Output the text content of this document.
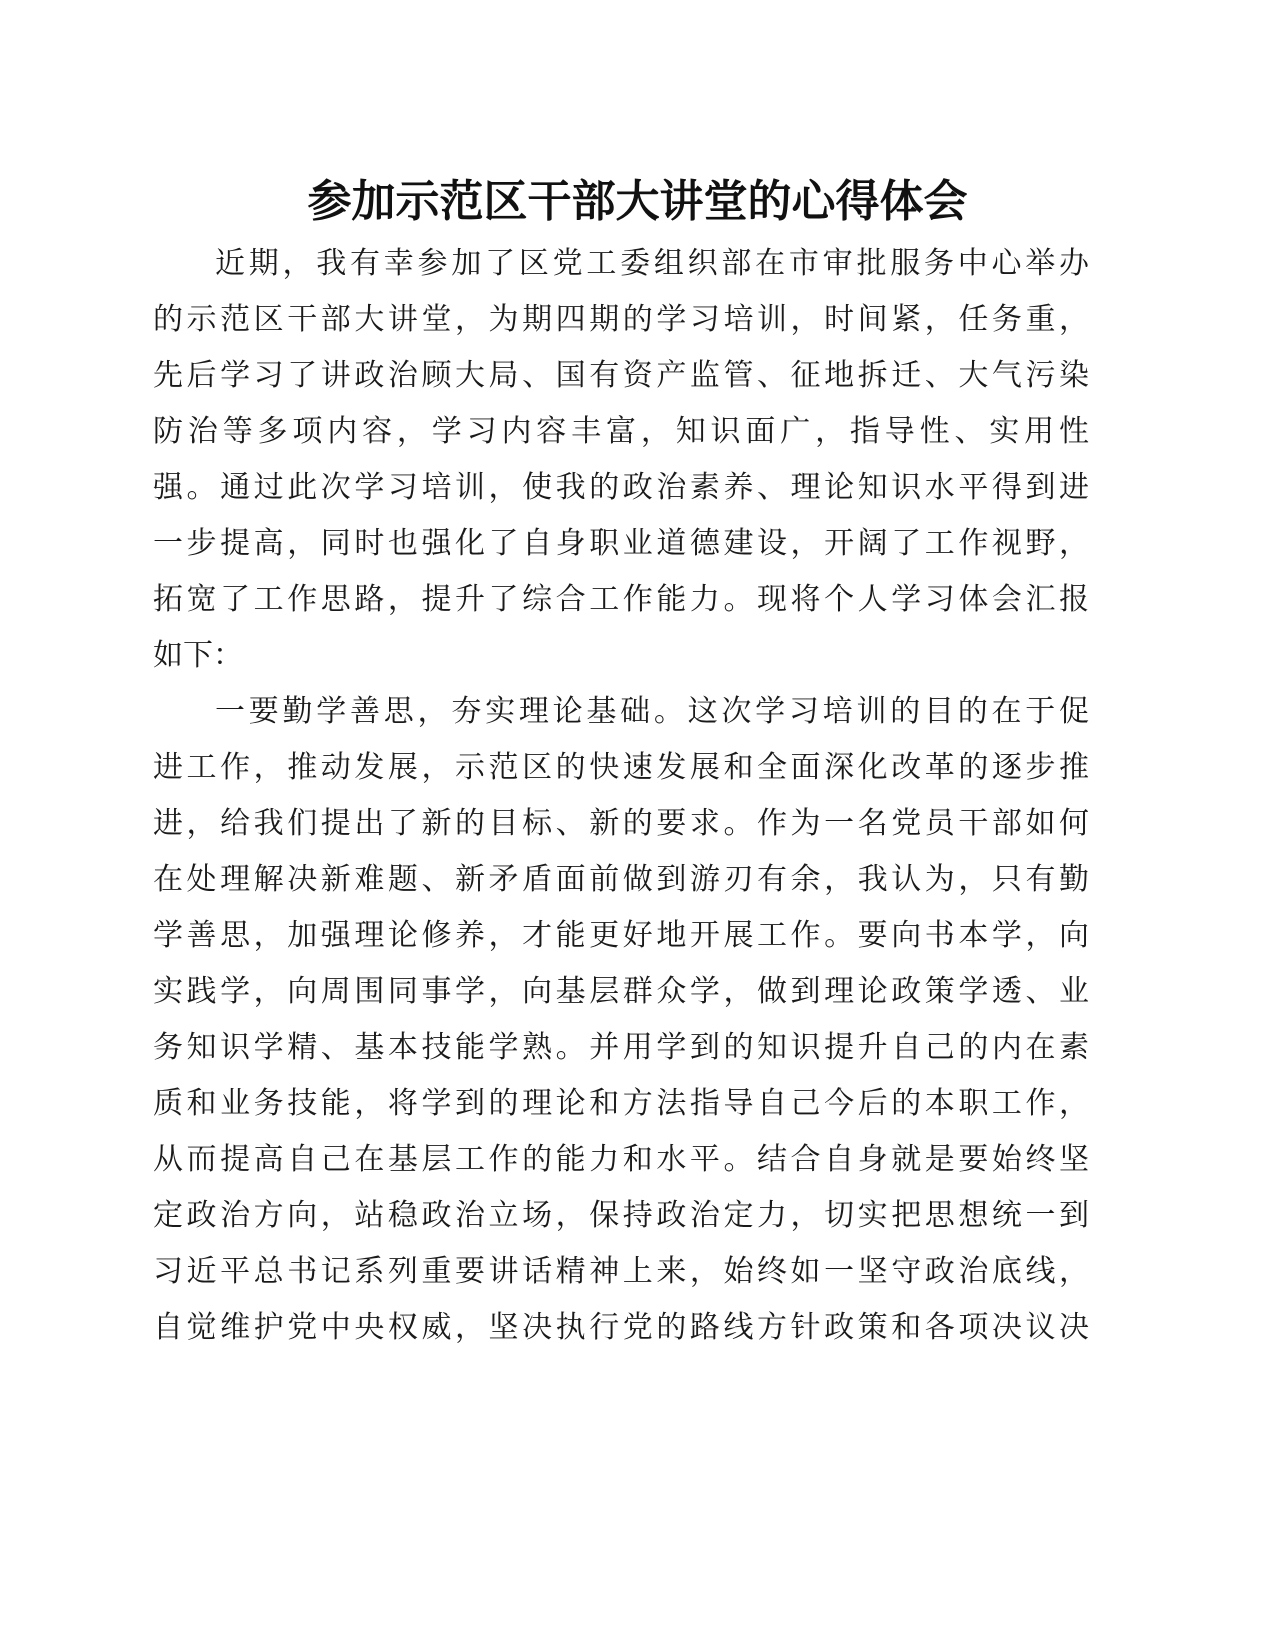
参加示范区干部大讲堂的心得体会
近期，我有幸参加了区党工委组织部在市审批服务中心举办
的示范区干部大讲堂，为期四期的学习培训，时间紧，任务重，
先后学习了讲政治顾大局、国有资产监管、征地拆迁、大气污染
防治等多项内容，学习内容丰富，知识面广，指导性、实用性
强。通过此次学习培训，使我的政治素养、理论知识水平得到进
一步提高，同时也强化了自身职业道德建设，开阔了工作视野，
拓宽了工作思路，提升了综合工作能力。现将个人学习体会汇报
如下：
一要勤学善思，夯实理论基础。这次学习培训的目的在于促
进工作，推动发展，示范区的快速发展和全面深化改革的逐步推
进，给我们提出了新的目标、新的要求。作为一名党员干部如何
在处理解决新难题、新矛盾面前做到游刃有余，我认为，只有勤
学善思，加强理论修养，才能更好地开展工作。要向书本学，向
实践学，向周围同事学，向基层群众学，做到理论政策学透、业
务知识学精、基本技能学熟。并用学到的知识提升自己的内在素
质和业务技能，将学到的理论和方法指导自己今后的本职工作，
从而提高自己在基层工作的能力和水平。结合自身就是要始终坚
定政治方向，站稳政治立场，保持政治定力，切实把思想统一到
习近平总书记系列重要讲话精神上来，始终如一坚守政治底线，
自觉维护党中央权威，坚决执行党的路线方针政策和各项决议决
